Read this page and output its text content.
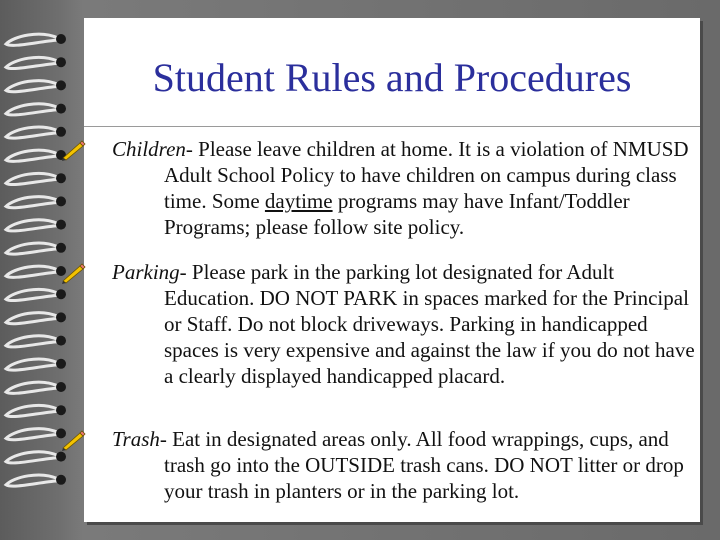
Student Rules and Procedures
Children- Please leave children at home. It is a violation of NMUSD Adult School Policy to have children on campus during class time. Some daytime programs may have Infant/Toddler Programs; please follow site policy.
Parking- Please park in the parking lot designated for Adult Education. DO NOT PARK in spaces marked for the Principal or Staff. Do not block driveways. Parking in handicapped spaces is very expensive and against the law if you do not have a clearly displayed handicapped placard.
Trash- Eat in designated areas only. All food wrappings, cups, and trash go into the OUTSIDE trash cans. DO NOT litter or drop your trash in planters or in the parking lot.
